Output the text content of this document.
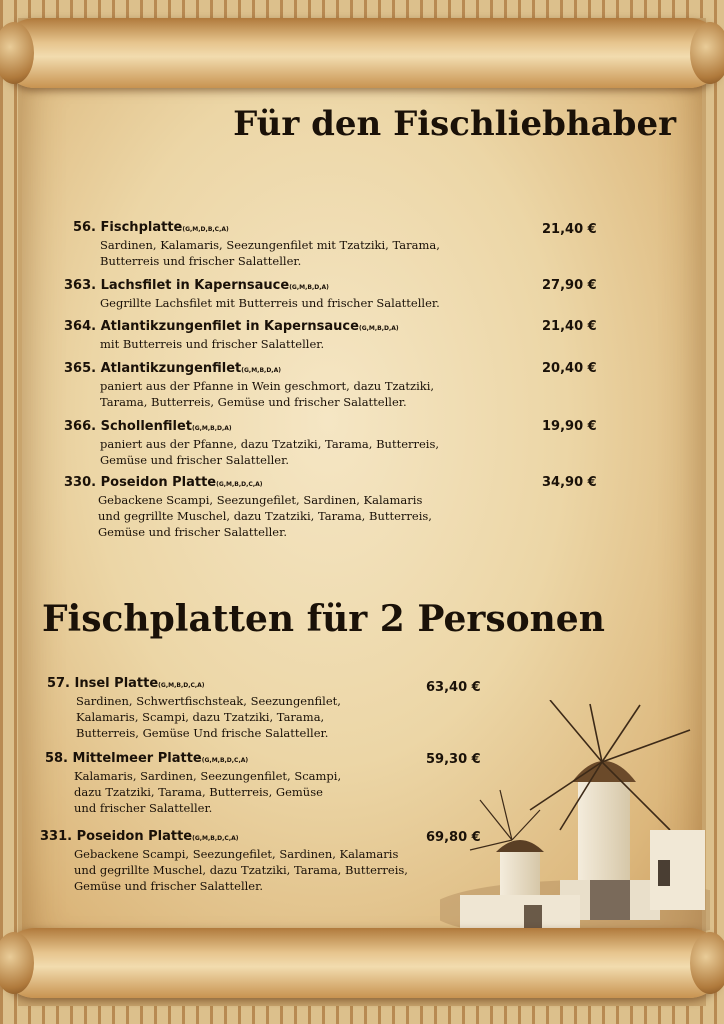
Für den Fischliebhaber
56. Fischplatte(G,M,D,B,C,A)
Sardinen, Kalamaris, Seezungenfilet mit Tzatziki, Tarama,
Butterreis und frischer Salatteller.
21,40 €
363. Lachsfilet in Kapernsauce(G,M,B,D,A)
Gegrillte Lachsfilet mit Butterreis und frischer Salatteller.
27,90 €
364. Atlantikzungenfilet in Kapernsauce(G,M,B,D,A)
mit Butterreis und frischer Salatteller.
21,40 €
365. Atlantikzungenfilet(G,M,B,D,A)
paniert aus der Pfanne in Wein geschmort, dazu Tzatziki,
Tarama, Butterreis, Gemüse und frischer Salatteller.
20,40 €
366. Schollenfilet(G,M,B,D,A)
paniert aus der Pfanne, dazu Tzatziki, Tarama, Butterreis,
Gemüse und frischer Salatteller.
19,90 €
330. Poseidon Platte(G,M,B,D,C,A)
Gebackene Scampi, Seezungefilet, Sardinen, Kalamaris
und gegrillte Muschel, dazu Tzatziki, Tarama, Butterreis,
Gemüse und frischer Salatteller.
34,90 €
Fischplatten für 2 Personen
57. Insel Platte(G,M,B,D,C,A)
Sardinen, Schwertfischsteak, Seezungenfilet,
Kalamaris, Scampi, dazu Tzatziki, Tarama,
Butterreis, Gemüse Und frische Salatteller.
63,40 €
58. Mittelmeer Platte(G,M,B,D,C,A)
Kalamaris, Sardinen, Seezungenfilet, Scampi,
dazu Tzatziki, Tarama, Butterreis, Gemüse
und frischer Salatteller.
59,30 €
331. Poseidon Platte(G,M,B,D,C,A)
Gebackene Scampi, Seezungefilet, Sardinen, Kalamaris
und gegrillte Muschel, dazu Tzatziki, Tarama, Butterreis,
Gemüse und frischer Salatteller.
69,80 €
